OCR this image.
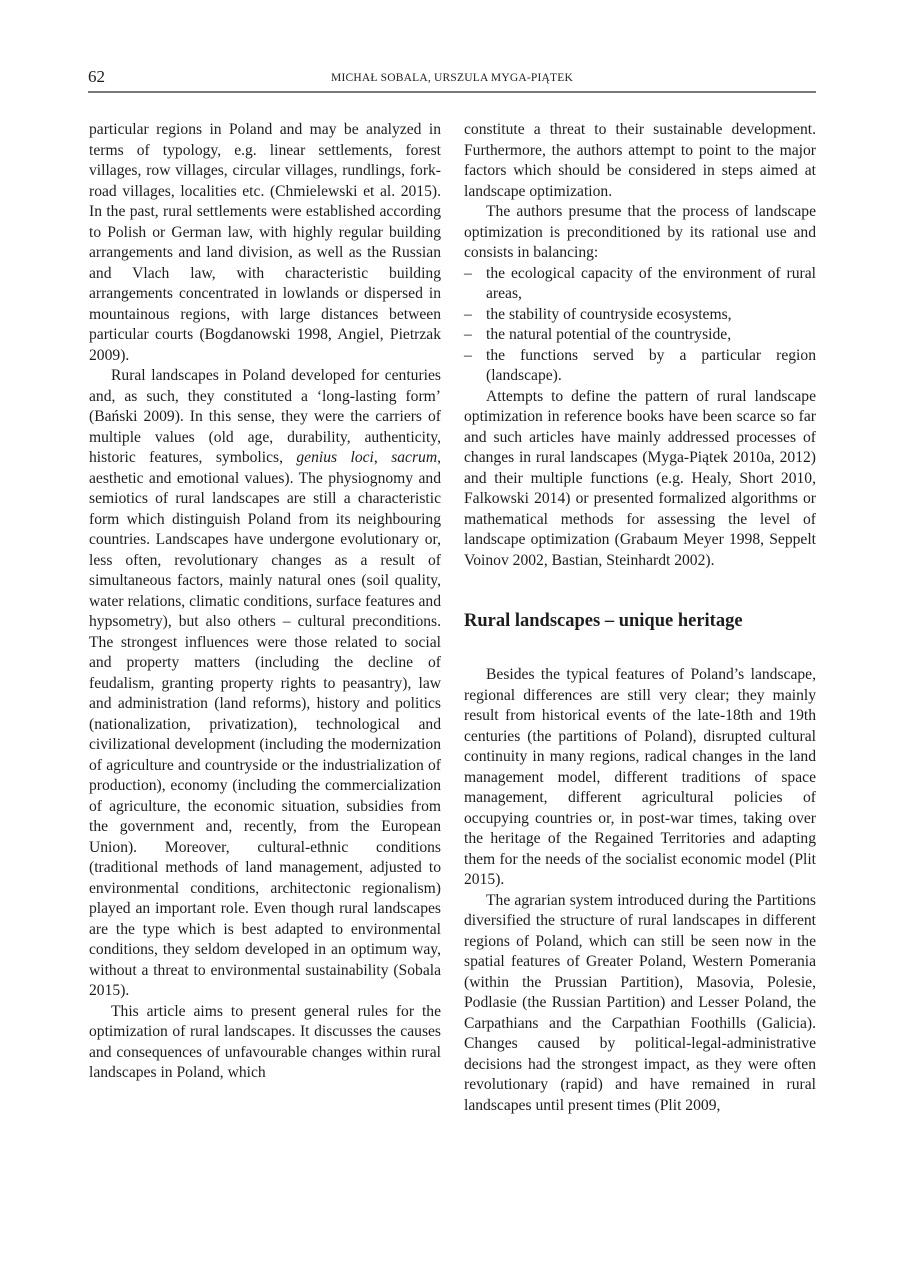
62	MICHAŁ SOBALA, URSZULA MYGA-PIĄTEK

particular regions in Poland and may be analyzed in terms of typology, e.g. linear settlements, forest villages, row villages, circular villages, rundlings, fork-road villages, localities etc. (Chmielewski et al. 2015). In the past, rural settlements were established according to Polish or German law, with highly regular building arrangements and land division, as well as the Russian and Vlach law, with characteristic building arrangements concentrated in lowlands or dispersed in mountainous regions, with large distances between particular courts (Bogdanowski 1998, Angiel, Pietrzak 2009).

Rural landscapes in Poland developed for centuries and, as such, they constituted a ‘long-lasting form’ (Bański 2009). In this sense, they were the carriers of multiple values (old age, durability, authenticity, historic features, symbolics, genius loci, sacrum, aesthetic and emotional values). The physiognomy and semiotics of rural landscapes are still a characteristic form which distinguish Poland from its neighbouring countries. Landscapes have undergone evolutionary or, less often, revolutionary changes as a result of simultaneous factors, mainly natural ones (soil quality, water relations, climatic conditions, surface features and hypsometry), but also others – cultural preconditions. The strongest influences were those related to social and property matters (including the decline of feudalism, granting property rights to peasantry), law and administration (land reforms), history and politics (nationalization, privatization), technological and civilizational development (including the modernization of agriculture and countryside or the industrialization of production), economy (including the commercialization of agriculture, the economic situation, subsidies from the government and, recently, from the European Union). Moreover, cultural-ethnic conditions (traditional methods of land management, adjusted to environmental conditions, architectonic regionalism) played an important role. Even though rural landscapes are the type which is best adapted to environmental conditions, they seldom developed in an optimum way, without a threat to environmental sustainability (Sobala 2015).

This article aims to present general rules for the optimization of rural landscapes. It discusses the causes and consequences of unfavourable changes within rural landscapes in Poland, which

constitute a threat to their sustainable development. Furthermore, the authors attempt to point to the major factors which should be considered in steps aimed at landscape optimization.

The authors presume that the process of landscape optimization is preconditioned by its rational use and consists in balancing:

– the ecological capacity of the environment of rural areas,
– the stability of countryside ecosystems,
– the natural potential of the countryside,
– the functions served by a particular region (landscape).

Attempts to define the pattern of rural landscape optimization in reference books have been scarce so far and such articles have mainly addressed processes of changes in rural landscapes (Myga-Piątek 2010a, 2012) and their multiple functions (e.g. Healy, Short 2010, Falkowski 2014) or presented formalized algorithms or mathematical methods for assessing the level of landscape optimization (Grabaum Meyer 1998, Seppelt Voinov 2002, Bastian, Steinhardt 2002).

Rural landscapes – unique heritage

Besides the typical features of Poland’s landscape, regional differences are still very clear; they mainly result from historical events of the late-18th and 19th centuries (the partitions of Poland), disrupted cultural continuity in many regions, radical changes in the land management model, different traditions of space management, different agricultural policies of occupying countries or, in post-war times, taking over the heritage of the Regained Territories and adapting them for the needs of the socialist economic model (Plit 2015).

The agrarian system introduced during the Partitions diversified the structure of rural landscapes in different regions of Poland, which can still be seen now in the spatial features of Greater Poland, Western Pomerania (within the Prussian Partition), Masovia, Polesie, Podlasie (the Russian Partition) and Lesser Poland, the Carpathians and the Carpathian Foothills (Galicia). Changes caused by political-legal-administrative decisions had the strongest impact, as they were often revolutionary (rapid) and have remained in rural landscapes until present times (Plit 2009,
